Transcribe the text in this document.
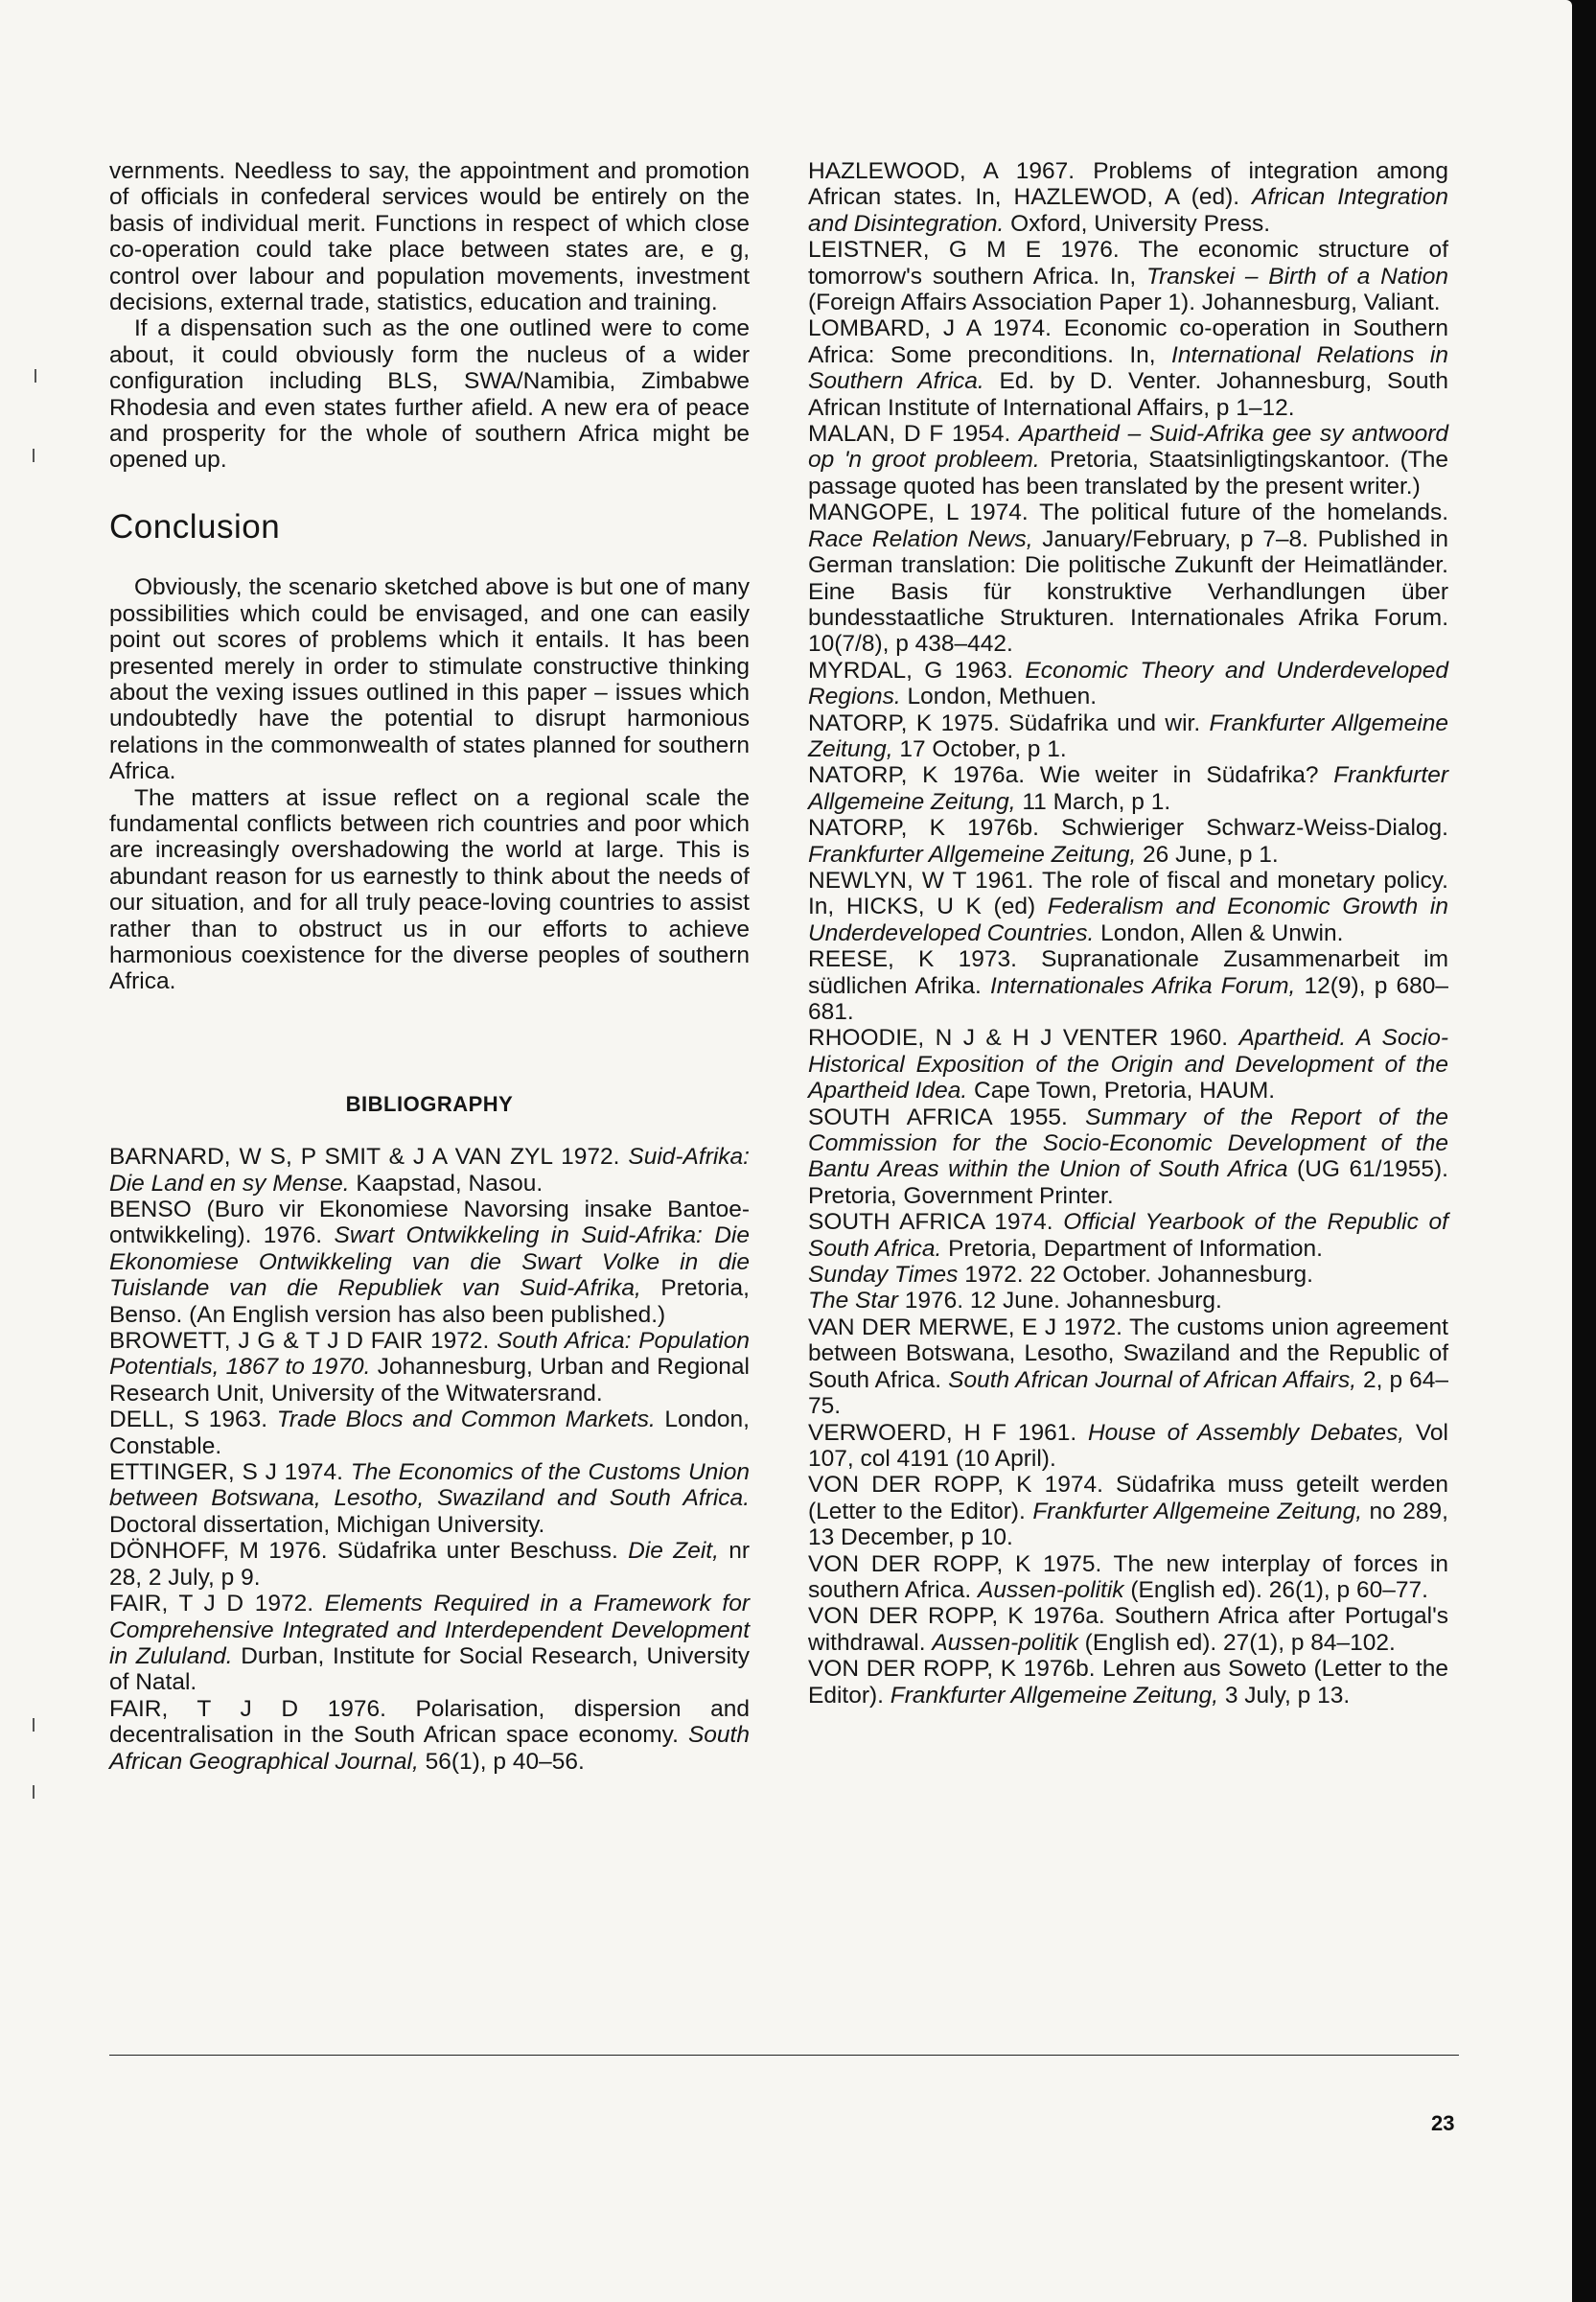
vernments. Needless to say, the appointment and promotion of officials in confederal services would be entirely on the basis of individual merit. Functions in respect of which close co-operation could take place between states are, e g, control over labour and population movements, investment decisions, external trade, statistics, education and training.

If a dispensation such as the one outlined were to come about, it could obviously form the nucleus of a wider configuration including BLS, SWA/Namibia, Zimbabwe Rhodesia and even states further afield. A new era of peace and prosperity for the whole of southern Africa might be opened up.

Conclusion

Obviously, the scenario sketched above is but one of many possibilities which could be envisaged, and one can easily point out scores of problems which it entails. It has been presented merely in order to stimulate constructive thinking about the vexing issues outlined in this paper – issues which undoubtedly have the potential to disrupt harmonious relations in the commonwealth of states planned for southern Africa.

The matters at issue reflect on a regional scale the fundamental conflicts between rich countries and poor which are increasingly overshadowing the world at large. This is abundant reason for us earnestly to think about the needs of our situation, and for all truly peace-loving countries to assist rather than to obstruct us in our efforts to achieve harmonious coexistence for the diverse peoples of southern Africa.

BIBLIOGRAPHY

BARNARD, W S, P SMIT & J A VAN ZYL 1972. Suid-Afrika: Die Land en sy Mense. Kaapstad, Nasou.

BENSO (Buro vir Ekonomiese Navorsing insake Bantoe-ontwikkeling). 1976. Swart Ontwikkeling in Suid-Afrika: Die Ekonomiese Ontwikkeling van die Swart Volke in die Tuislande van die Republiek van Suid-Afrika, Pretoria, Benso. (An English version has also been published.)

BROWETT, J G & T J D FAIR 1972. South Africa: Population Potentials, 1867 to 1970. Johannesburg, Urban and Regional Research Unit, University of the Witwatersrand.

DELL, S 1963. Trade Blocs and Common Markets. London, Constable.

ETTINGER, S J 1974. The Economics of the Customs Union between Botswana, Lesotho, Swaziland and South Africa. Doctoral dissertation, Michigan University.

DÖNHOFF, M 1976. Südafrika unter Beschuss. Die Zeit, nr 28, 2 July, p 9.

FAIR, T J D 1972. Elements Required in a Framework for Comprehensive Integrated and Interdependent Development in Zululand. Durban, Institute for Social Research, University of Natal.

FAIR, T J D 1976. Polarisation, dispersion and decentralisation in the South African space economy. South African Geographical Journal, 56(1), p 40–56.

HAZLEWOOD, A 1967. Problems of integration among African states. In, HAZLEWOD, A (ed). African Integration and Disintegration. Oxford, University Press.

LEISTNER, G M E 1976. The economic structure of tomorrow's southern Africa. In, Transkei – Birth of a Nation (Foreign Affairs Association Paper 1). Johannesburg, Valiant.

LOMBARD, J A 1974. Economic co-operation in Southern Africa: Some preconditions. In, International Relations in Southern Africa. Ed. by D. Venter. Johannesburg, South African Institute of International Affairs, p 1–12.

MALAN, D F 1954. Apartheid – Suid-Afrika gee sy antwoord op 'n groot probleem. Pretoria, Staatsinligtingskantoor. (The passage quoted has been translated by the present writer.)

MANGOPE, L 1974. The political future of the homelands. Race Relation News, January/February, p 7–8. Published in German translation: Die politische Zukunft der Heimatländer. Eine Basis für konstruktive Verhandlungen über bundesstaatliche Strukturen. Internationales Afrika Forum. 10(7/8), p 438–442.

MYRDAL, G 1963. Economic Theory and Underdeveloped Regions. London, Methuen.

NATORP, K 1975. Südafrika und wir. Frankfurter Allgemeine Zeitung, 17 October, p 1.

NATORP, K 1976a. Wie weiter in Südafrika? Frankfurter Allgemeine Zeitung, 11 March, p 1.

NATORP, K 1976b. Schwieriger Schwarz-Weiss-Dialog. Frankfurter Allgemeine Zeitung, 26 June, p 1.

NEWLYN, W T 1961. The role of fiscal and monetary policy. In, HICKS, U K (ed) Federalism and Economic Growth in Underdeveloped Countries. London, Allen & Unwin.

REESE, K 1973. Supranationale Zusammenarbeit im südlichen Afrika. Internationales Afrika Forum, 12(9), p 680–681.

RHOODIE, N J & H J VENTER 1960. Apartheid. A Socio-Historical Exposition of the Origin and Development of the Apartheid Idea. Cape Town, Pretoria, HAUM.

SOUTH AFRICA 1955. Summary of the Report of the Commission for the Socio-Economic Development of the Bantu Areas within the Union of South Africa (UG 61/1955). Pretoria, Government Printer.

SOUTH AFRICA 1974. Official Yearbook of the Republic of South Africa. Pretoria, Department of Information.

Sunday Times 1972. 22 October. Johannesburg.

The Star 1976. 12 June. Johannesburg.

VAN DER MERWE, E J 1972. The customs union agreement between Botswana, Lesotho, Swaziland and the Republic of South Africa. South African Journal of African Affairs, 2, p 64–75.

VERWOERD, H F 1961. House of Assembly Debates, Vol 107, col 4191 (10 April).

VON DER ROPP, K 1974. Südafrika muss geteilt werden (Letter to the Editor). Frankfurter Allgemeine Zeitung, no 289, 13 December, p 10.

VON DER ROPP, K 1975. The new interplay of forces in southern Africa. Aussen-politik (English ed). 26(1), p 60–77.

VON DER ROPP, K 1976a. Southern Africa after Portugal's withdrawal. Aussen-politik (English ed). 27(1), p 84–102.

VON DER ROPP, K 1976b. Lehren aus Soweto (Letter to the Editor). Frankfurter Allgemeine Zeitung, 3 July, p 13.

23
